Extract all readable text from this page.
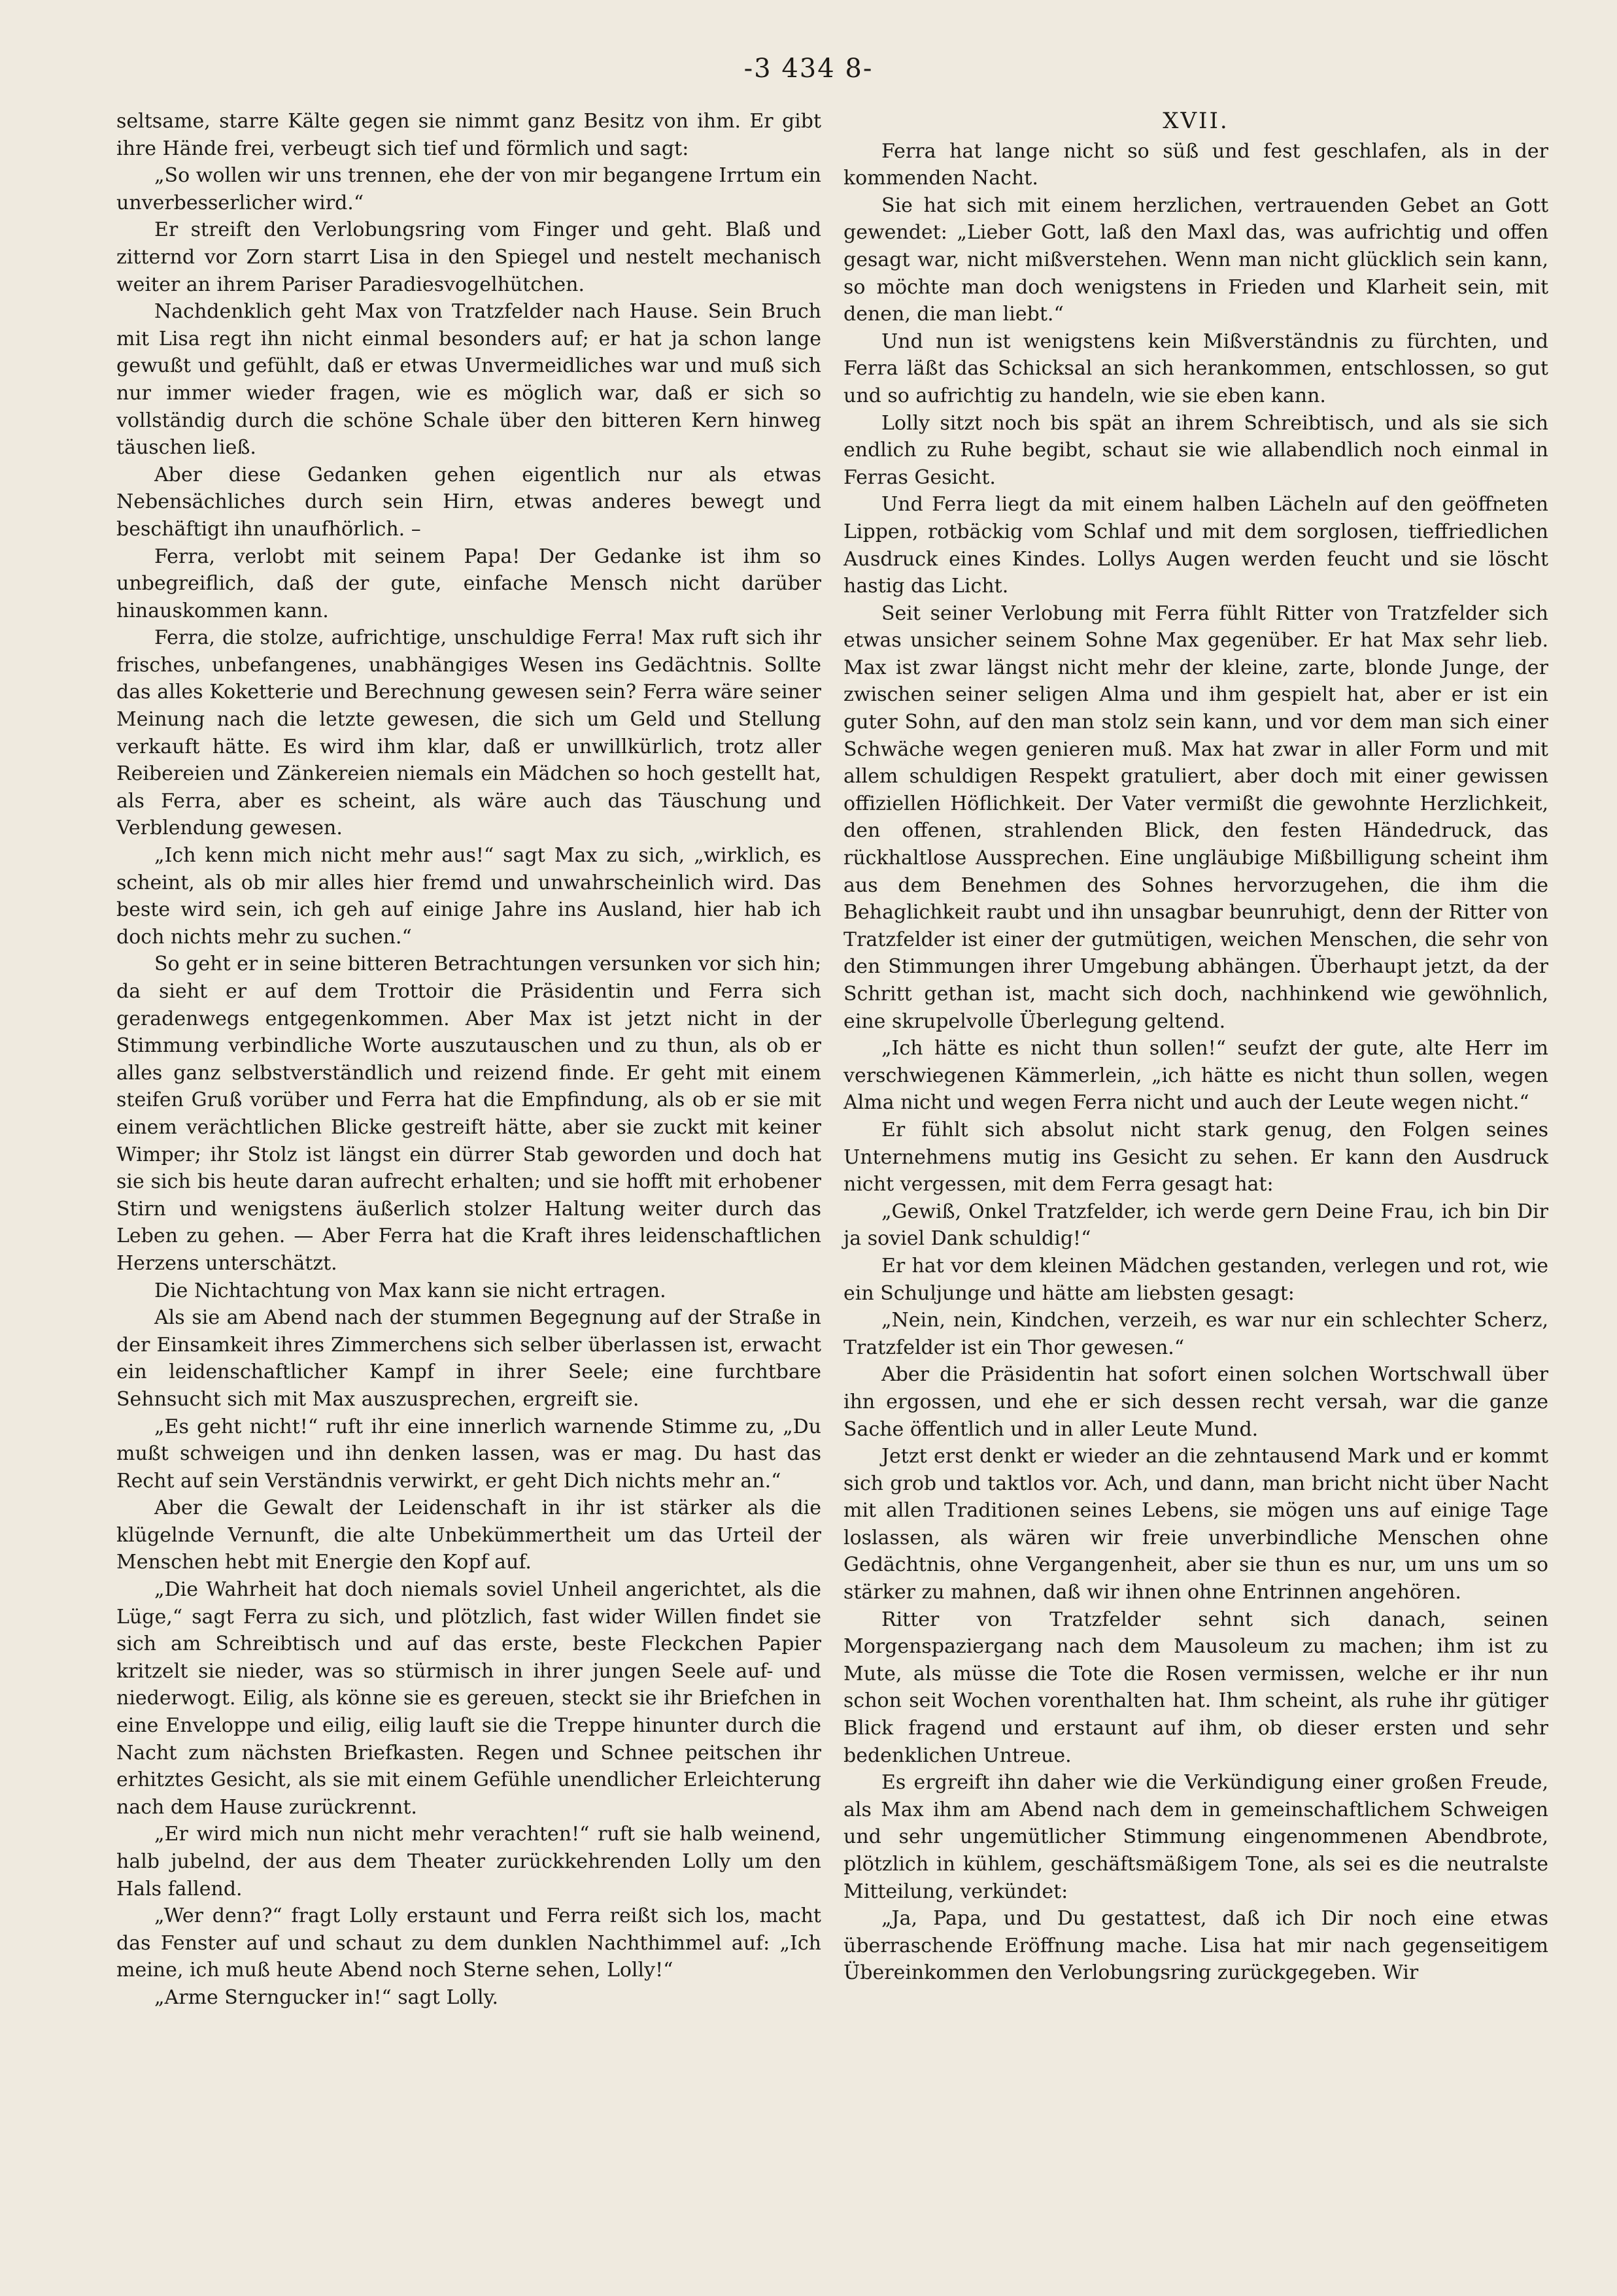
-3 434 8-

seltsame, starre Kälte gegen sie nimmt ganz Besitz von ihm. Er gibt ihre Hände frei, verbeugt sich tief und förmlich und sagt:

„So wollen wir uns trennen, ehe der von mir begangene Irrtum ein unverbesserlicher wird.“

Er streift den Verlobungsring vom Finger und geht. Blaß und zitternd vor Zorn starrt Lisa in den Spiegel und nestelt mechanisch weiter an ihrem Pariser Paradiesvogelhütchen.

Nachdenklich geht Max von Tratzfelder nach Hause. Sein Bruch mit Lisa regt ihn nicht einmal besonders auf; er hat ja schon lange gewußt und gefühlt, daß er etwas Unvermeidliches war und muß sich nur immer wieder fragen, wie es möglich war, daß er sich so vollständig durch die schöne Schale über den bitteren Kern hinweg täuschen ließ.

Aber diese Gedanken gehen eigentlich nur als etwas Nebensächliches durch sein Hirn, etwas anderes bewegt und beschäftigt ihn unaufhörlich. –

Ferra, verlobt mit seinem Papa! Der Gedanke ist ihm so unbegreiflich, daß der gute, einfache Mensch nicht darüber hinauskommen kann.

Ferra, die stolze, aufrichtige, unschuldige Ferra! Max ruft sich ihr frisches, unbefangenes, unabhängiges Wesen ins Gedächtnis. Sollte das alles Koketterie und Berechnung gewesen sein? Ferra wäre seiner Meinung nach die letzte gewesen, die sich um Geld und Stellung verkauft hätte. Es wird ihm klar, daß er unwillkürlich, trotz aller Reibereien und Zänkereien niemals ein Mädchen so hoch gestellt hat, als Ferra, aber es scheint, als wäre auch das Täuschung und Verblendung gewesen.

„Ich kenn mich nicht mehr aus!“ sagt Max zu sich, „wirklich, es scheint, als ob mir alles hier fremd und unwahrscheinlich wird. Das beste wird sein, ich geh auf einige Jahre ins Ausland, hier hab ich doch nichts mehr zu suchen.“

So geht er in seine bitteren Betrachtungen versunken vor sich hin; da sieht er auf dem Trottoir die Präsidentin und Ferra sich geradenwegs entgegenkommen. Aber Max ist jetzt nicht in der Stimmung verbindliche Worte auszutauschen und zu thun, als ob er alles ganz selbstverständlich und reizend finde. Er geht mit einem steifen Gruß vorüber und Ferra hat die Empfindung, als ob er sie mit einem verächtlichen Blicke gestreift hätte, aber sie zuckt mit keiner Wimper; ihr Stolz ist längst ein dürrer Stab geworden und doch hat sie sich bis heute daran aufrecht erhalten; und sie hofft mit erhobener Stirn und wenigstens äußerlich stolzer Haltung weiter durch das Leben zu gehen. — Aber Ferra hat die Kraft ihres leidenschaftlichen Herzens unterschätzt.

Die Nichtachtung von Max kann sie nicht ertragen.

Als sie am Abend nach der stummen Begegnung auf der Straße in der Einsamkeit ihres Zimmerchens sich selber überlassen ist, erwacht ein leidenschaftlicher Kampf in ihrer Seele; eine furchtbare Sehnsucht sich mit Max auszusprechen, ergreift sie.

„Es geht nicht!“ ruft ihr eine innerlich warnende Stimme zu, „Du mußt schweigen und ihn denken lassen, was er mag. Du hast das Recht auf sein Verständnis verwirkt, er geht Dich nichts mehr an.“

Aber die Gewalt der Leidenschaft in ihr ist stärker als die klügelnde Vernunft, die alte Unbekümmertheit um das Urteil der Menschen hebt mit Energie den Kopf auf.

„Die Wahrheit hat doch niemals soviel Unheil angerichtet, als die Lüge,“ sagt Ferra zu sich, und plötzlich, fast wider Willen findet sie sich am Schreibtisch und auf das erste, beste Fleckchen Papier kritzelt sie nieder, was so stürmisch in ihrer jungen Seele auf- und niederwogt. Eilig, als könne sie es gereuen, steckt sie ihr Briefchen in eine Enveloppe und eilig, eilig lauft sie die Treppe hinunter durch die Nacht zum nächsten Briefkasten. Regen und Schnee peitschen ihr erhitztes Gesicht, als sie mit einem Gefühle unendlicher Erleichterung nach dem Hause zurückrennt.

„Er wird mich nun nicht mehr verachten!“ ruft sie halb weinend, halb jubelnd, der aus dem Theater zurückkehrenden Lolly um den Hals fallend.

„Wer denn?“ fragt Lolly erstaunt und Ferra reißt sich los, macht das Fenster auf und schaut zu dem dunklen Nachthimmel auf: „Ich meine, ich muß heute Abend noch Sterne sehen, Lolly!“

„Arme Sterngucker in!“ sagt Lolly.

XVII.

Ferra hat lange nicht so süß und fest geschlafen, als in der kommenden Nacht.

Sie hat sich mit einem herzlichen, vertrauenden Gebet an Gott gewendet: „Lieber Gott, laß den Maxl das, was aufrichtig und offen gesagt war, nicht mißverstehen. Wenn man nicht glücklich sein kann, so möchte man doch wenigstens in Frieden und Klarheit sein, mit denen, die man liebt.“

Und nun ist wenigstens kein Mißverständnis zu fürchten, und Ferra läßt das Schicksal an sich herankommen, entschlossen, so gut und so aufrichtig zu handeln, wie sie eben kann.

Lolly sitzt noch bis spät an ihrem Schreibtisch, und als sie sich endlich zu Ruhe begibt, schaut sie wie allabendlich noch einmal in Ferras Gesicht.

Und Ferra liegt da mit einem halben Lächeln auf den geöffneten Lippen, rotbäckig vom Schlaf und mit dem sorglosen, tieffriedlichen Ausdruck eines Kindes. Lollys Augen werden feucht und sie löscht hastig das Licht.

Seit seiner Verlobung mit Ferra fühlt Ritter von Tratzfelder sich etwas unsicher seinem Sohne Max gegenüber. Er hat Max sehr lieb. Max ist zwar längst nicht mehr der kleine, zarte, blonde Junge, der zwischen seiner seligen Alma und ihm gespielt hat, aber er ist ein guter Sohn, auf den man stolz sein kann, und vor dem man sich einer Schwäche wegen genieren muß. Max hat zwar in aller Form und mit allem schuldigen Respekt gratuliert, aber doch mit einer gewissen offiziellen Höflichkeit. Der Vater vermißt die gewohnte Herzlichkeit, den offenen, strahlenden Blick, den festen Händedruck, das rückhaltlose Aussprechen. Eine ungläubige Mißbilligung scheint ihm aus dem Benehmen des Sohnes hervorzugehen, die ihm die Behaglichkeit raubt und ihn unsagbar beunruhigt, denn der Ritter von Tratzfelder ist einer der gutmütigen, weichen Menschen, die sehr von den Stimmungen ihrer Umgebung abhängen. Überhaupt jetzt, da der Schritt gethan ist, macht sich doch, nachhinkend wie gewöhnlich, eine skrupelvolle Überlegung geltend.

„Ich hätte es nicht thun sollen!“ seufzt der gute, alte Herr im verschwiegenen Kämmerlein, „ich hätte es nicht thun sollen, wegen Alma nicht und wegen Ferra nicht und auch der Leute wegen nicht.“

Er fühlt sich absolut nicht stark genug, den Folgen seines Unternehmens mutig ins Gesicht zu sehen. Er kann den Ausdruck nicht vergessen, mit dem Ferra gesagt hat:

„Gewiß, Onkel Tratzfelder, ich werde gern Deine Frau, ich bin Dir ja soviel Dank schuldig!“

Er hat vor dem kleinen Mädchen gestanden, verlegen und rot, wie ein Schuljunge und hätte am liebsten gesagt:

„Nein, nein, Kindchen, verzeih, es war nur ein schlechter Scherz, Tratzfelder ist ein Thor gewesen.“

Aber die Präsidentin hat sofort einen solchen Wortschwall über ihn ergossen, und ehe er sich dessen recht versah, war die ganze Sache öffentlich und in aller Leute Mund.

Jetzt erst denkt er wieder an die zehntausend Mark und er kommt sich grob und taktlos vor. Ach, und dann, man bricht nicht über Nacht mit allen Traditionen seines Lebens, sie mögen uns auf einige Tage loslassen, als wären wir freie unverbindliche Menschen ohne Gedächtnis, ohne Vergangenheit, aber sie thun es nur, um uns um so stärker zu mahnen, daß wir ihnen ohne Entrinnen angehören.

Ritter von Tratzfelder sehnt sich danach, seinen Morgenspaziergang nach dem Mausoleum zu machen; ihm ist zu Mute, als müsse die Tote die Rosen vermissen, welche er ihr nun schon seit Wochen vorenthalten hat. Ihm scheint, als ruhe ihr gütiger Blick fragend und erstaunt auf ihm, ob dieser ersten und sehr bedenklichen Untreue.

Es ergreift ihn daher wie die Verkündigung einer großen Freude, als Max ihm am Abend nach dem in gemeinschaftlichem Schweigen und sehr ungemütlicher Stimmung eingenommenen Abendbrote, plötzlich in kühlem, geschäftsmäßigem Tone, als sei es die neutralste Mitteilung, verkündet:

„Ja, Papa, und Du gestattest, daß ich Dir noch eine etwas überraschende Eröffnung mache. Lisa hat mir nach gegenseitigem Übereinkommen den Verlobungsring zurückgegeben. Wir
